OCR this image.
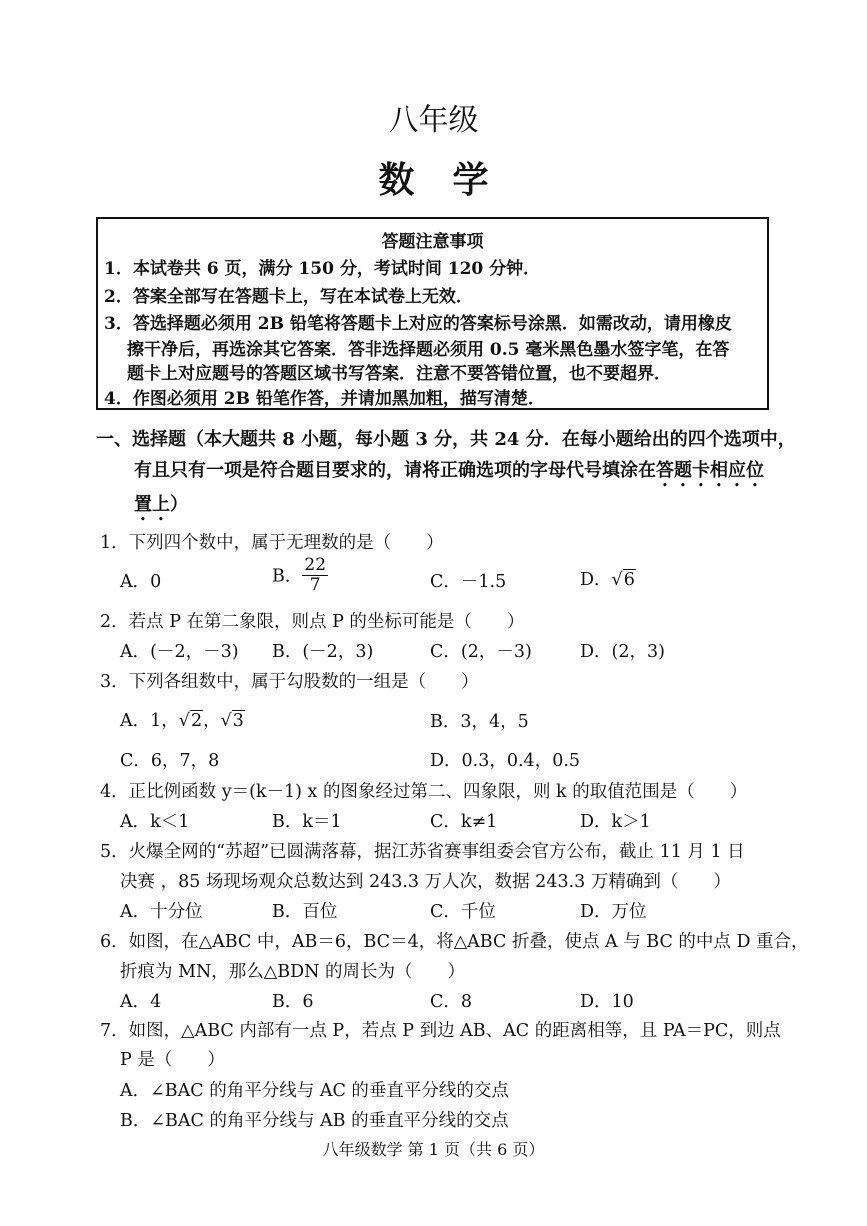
八年级
数学
答题注意事项
1．本试卷共 6 页，满分 150 分，考试时间 120 分钟．
2．答案全部写在答题卡上，写在本试卷上无效．
3．答选择题必须用 2B 铅笔将答题卡上对应的答案标号涂黑．如需改动，请用橡皮
擦干净后，再选涂其它答案．答非选择题必须用 0.5 毫米黑色墨水签字笔，在答
题卡上对应题号的答题区域书写答案．注意不要答错位置，也不要超界．
4．作图必须用 2B 铅笔作答，并请加黑加粗，描写清楚．
一、选择题（本大题共 8 小题，每小题 3 分，共 24 分．在每小题给出的四个选项中，
有且只有一项是符合题目要求的，请将正确选项的字母代号填涂在答题卡相应位
置上）
1．下列四个数中，属于无理数的是（　　）
A．0	B． $\frac{22}{7}$	C．－1.5	D．√6
2．若点 P 在第二象限，则点 P 的坐标可能是（　　）
A．(－2，－3) B．(－2，3)	C．(2，－3)	D．(2，3)
3．下列各组数中，属于勾股数的一组是（　　）
A．1，√2，√3	B．3，4，5
C．6，7，8	D．0.3，0.4，0.5
4．正比例函数 y＝(k－1) x 的图象经过第二、四象限，则 k 的取值范围是（　　）
A．k＜1	B．k＝1	C．k≠1	D．k＞1
5．火爆全网的“苏超”已圆满落幕，据江苏省赛事组委会官方公布，截止 11 月 1 日
决赛 ，85 场现场观众总数达到 243.3 万人次，数据 243.3 万精确到（　　）
A．十分位	B．百位	C．千位	D．万位
6．如图，在△ABC 中，AB＝6，BC＝4，将△ABC 折叠，使点 A 与 BC 的中点 D 重合，
折痕为 MN，那么△BDN 的周长为（　　）
A．4	B．6	C．8	D．10
7．如图，△ABC 内部有一点 P，若点 P 到边 AB、AC 的距离相等，且 PA＝PC，则点
P 是（　　）
A．∠BAC 的角平分线与 AC 的垂直平分线的交点
B．∠BAC 的角平分线与 AB 的垂直平分线的交点
八年级数学 第 1 页（共 6 页）
